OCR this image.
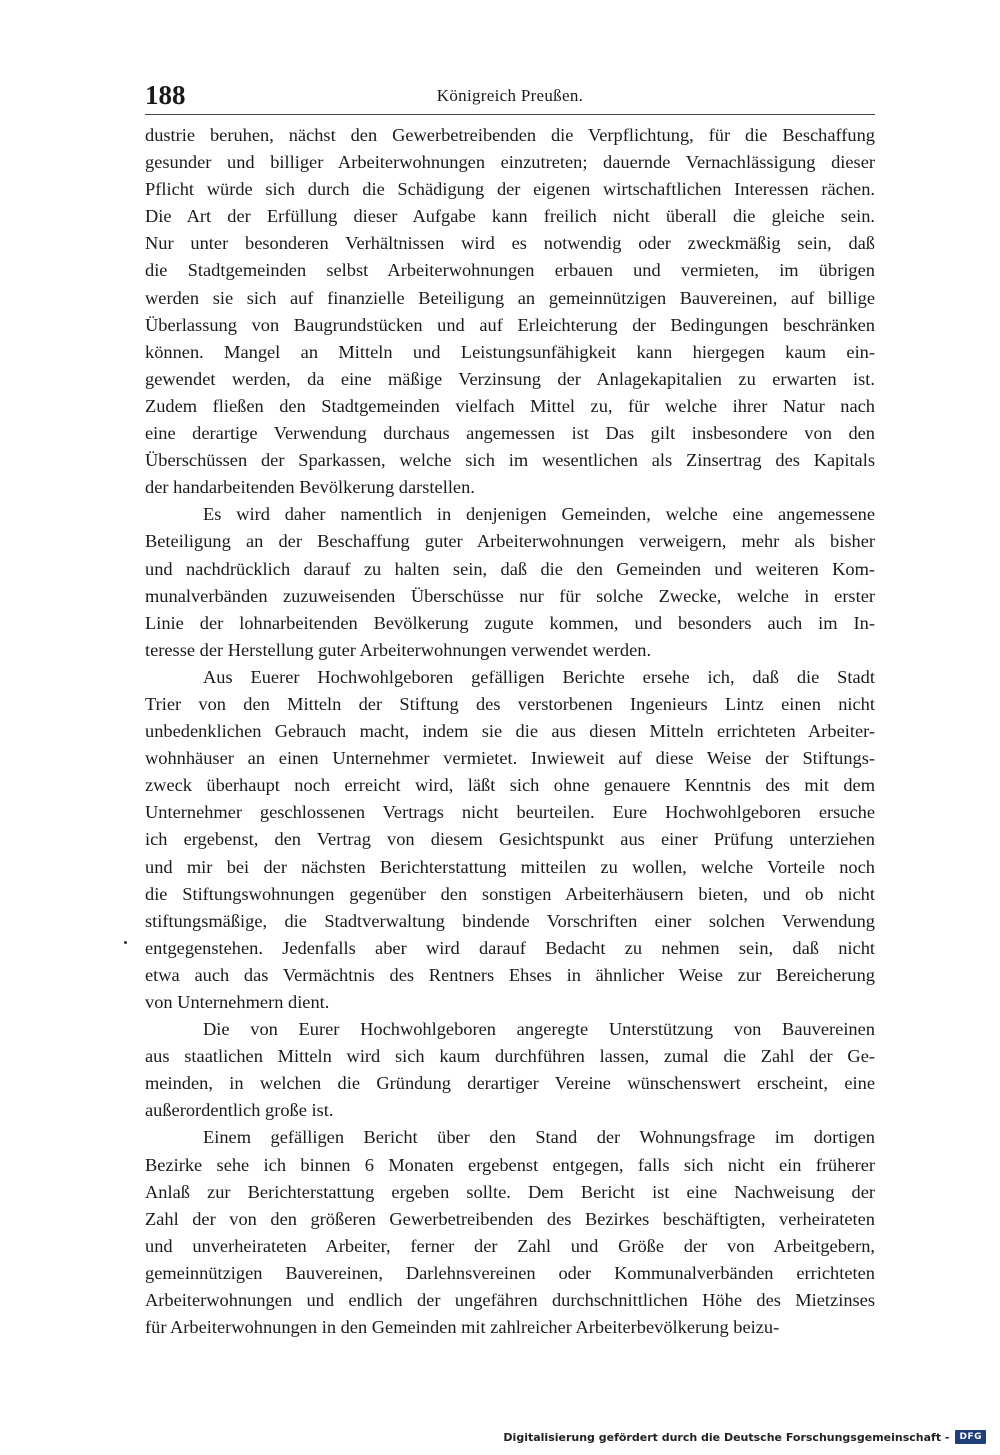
188	Königreich Preußen.

dustrie beruhen, nächst den Gewerbetreibenden die Verpflichtung, für die Beschaffung
gesunder und billiger Arbeiterwohnungen einzutreten; dauernde Vernachlässigung dieser
Pflicht würde sich durch die Schädigung der eigenen wirtschaftlichen Interessen rächen.
Die Art der Erfüllung dieser Aufgabe kann freilich nicht überall die gleiche sein.
Nur unter besonderen Verhältnissen wird es notwendig oder zweckmäßig sein, daß
die Stadtgemeinden selbst Arbeiterwohnungen erbauen und vermieten, im übrigen
werden sie sich auf finanzielle Beteiligung an gemeinnützigen Bauvereinen, auf billige
Überlassung von Baugrundstücken und auf Erleichterung der Bedingungen beschränken
können. Mangel an Mitteln und Leistungsunfähigkeit kann hiergegen kaum ein-
gewendet werden, da eine mäßige Verzinsung der Anlagekapitalien zu erwarten ist.
Zudem fließen den Stadtgemeinden vielfach Mittel zu, für welche ihrer Natur nach
eine derartige Verwendung durchaus angemessen ist Das gilt insbesondere von den
Überschüssen der Sparkassen, welche sich im wesentlichen als Zinsertrag des Kapitals
der handarbeitenden Bevölkerung darstellen.

Es wird daher namentlich in denjenigen Gemeinden, welche eine angemessene
Beteiligung an der Beschaffung guter Arbeiterwohnungen verweigern, mehr als bisher
und nachdrücklich darauf zu halten sein, daß die den Gemeinden und weiteren Kom-
munalverbänden zuzuweisenden Überschüsse nur für solche Zwecke, welche in erster
Linie der lohnarbeitenden Bevölkerung zugute kommen, und besonders auch im In-
teresse der Herstellung guter Arbeiterwohnungen verwendet werden.

Aus Euerer Hochwohlgeboren gefälligen Berichte ersehe ich, daß die Stadt
Trier von den Mitteln der Stiftung des verstorbenen Ingenieurs Lintz einen nicht
unbedenklichen Gebrauch macht, indem sie die aus diesen Mitteln errichteten Arbeiter-
wohnhäuser an einen Unternehmer vermietet. Inwieweit auf diese Weise der Stiftungs-
zweck überhaupt noch erreicht wird, läßt sich ohne genauere Kenntnis des mit dem
Unternehmer geschlossenen Vertrags nicht beurteilen. Eure Hochwohlgeboren ersuche
ich ergebenst, den Vertrag von diesem Gesichtspunkt aus einer Prüfung unterziehen
und mir bei der nächsten Berichterstattung mitteilen zu wollen, welche Vorteile noch
die Stiftungswohnungen gegenüber den sonstigen Arbeiterhäusern bieten, und ob nicht
stiftungsmäßige, die Stadtverwaltung bindende Vorschriften einer solchen Verwendung
entgegenstehen. Jedenfalls aber wird darauf Bedacht zu nehmen sein, daß nicht
etwa auch das Vermächtnis des Rentners Ehses in ähnlicher Weise zur Bereicherung
von Unternehmern dient.

Die von Eurer Hochwohlgeboren angeregte Unterstützung von Bauvereinen
aus staatlichen Mitteln wird sich kaum durchführen lassen, zumal die Zahl der Ge-
meinden, in welchen die Gründung derartiger Vereine wünschenswert erscheint, eine
außerordentlich große ist.

Einem gefälligen Bericht über den Stand der Wohnungsfrage im dortigen
Bezirke sehe ich binnen 6 Monaten ergebenst entgegen, falls sich nicht ein früherer
Anlaß zur Berichterstattung ergeben sollte. Dem Bericht ist eine Nachweisung der
Zahl der von den größeren Gewerbetreibenden des Bezirkes beschäftigten, verheirateten
und unverheirateten Arbeiter, ferner der Zahl und Größe der von Arbeitgebern,
gemeinnützigen Bauvereinen, Darlehnsvereinen oder Kommunalverbänden errichteten
Arbeiterwohnungen und endlich der ungefähren durchschnittlichen Höhe des Mietzinses
für Arbeiterwohnungen in den Gemeinden mit zahlreicher Arbeiterbevölkerung beizu-

Digitalisierung gefördert durch die Deutsche Forschungsgemeinschaft -	DFG
